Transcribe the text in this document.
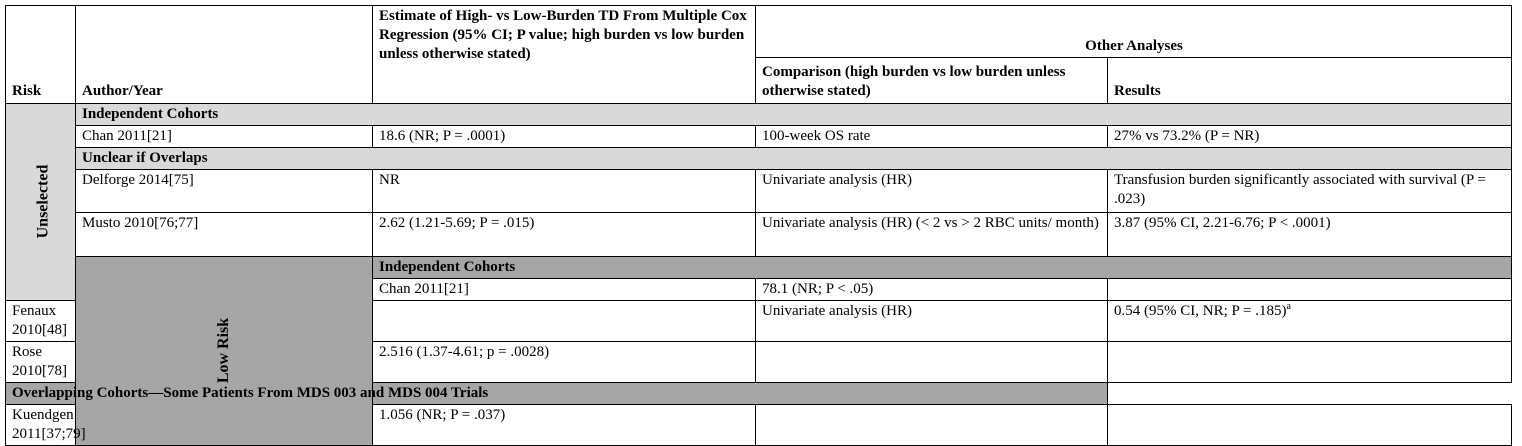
Risk	Author/Year	Estimate of High- vs Low-Burden TD From Multiple Cox Regression (95% CI; P value; high burden vs low burden unless otherwise stated)	Other Analyses		
			Comparison (high burden vs low burden unless otherwise stated)	Results	
Unselected	Independent Cohorts				
	Chan 2011[21]	18.6 (NR; P = .0001)	100-week OS rate	27% vs 73.2% (P = NR)	
	Unclear if Overlaps				
	Delforge 2014[75]	NR	Univariate analysis (HR)	Transfusion burden significantly associated with survival (P = .023)	
	Musto 2010[76;77]	2.62 (1.21-5.69; P = .015)	Univariate analysis (HR) (< 2 vs > 2 RBC units/ month)	3.87 (95% CI, 2.21-6.76; P < .0001)	
	Low Risk	Independent Cohorts			
		Chan 2011[21]	78.1 (NR; P < .05)		
Fenaux 2010[48]			Univariate analysis (HR)	0.54 (95% CI, NR; P = .185)$^a$
Rose 2010[78]		2.516 (1.37-4.61; p = .0028)			
Overlapping Cohorts—Some Patients From MDS 003 and MDS 004 Trials					
Kuendgen 2011[37;79]		1.056 (NR; P = .037)			
